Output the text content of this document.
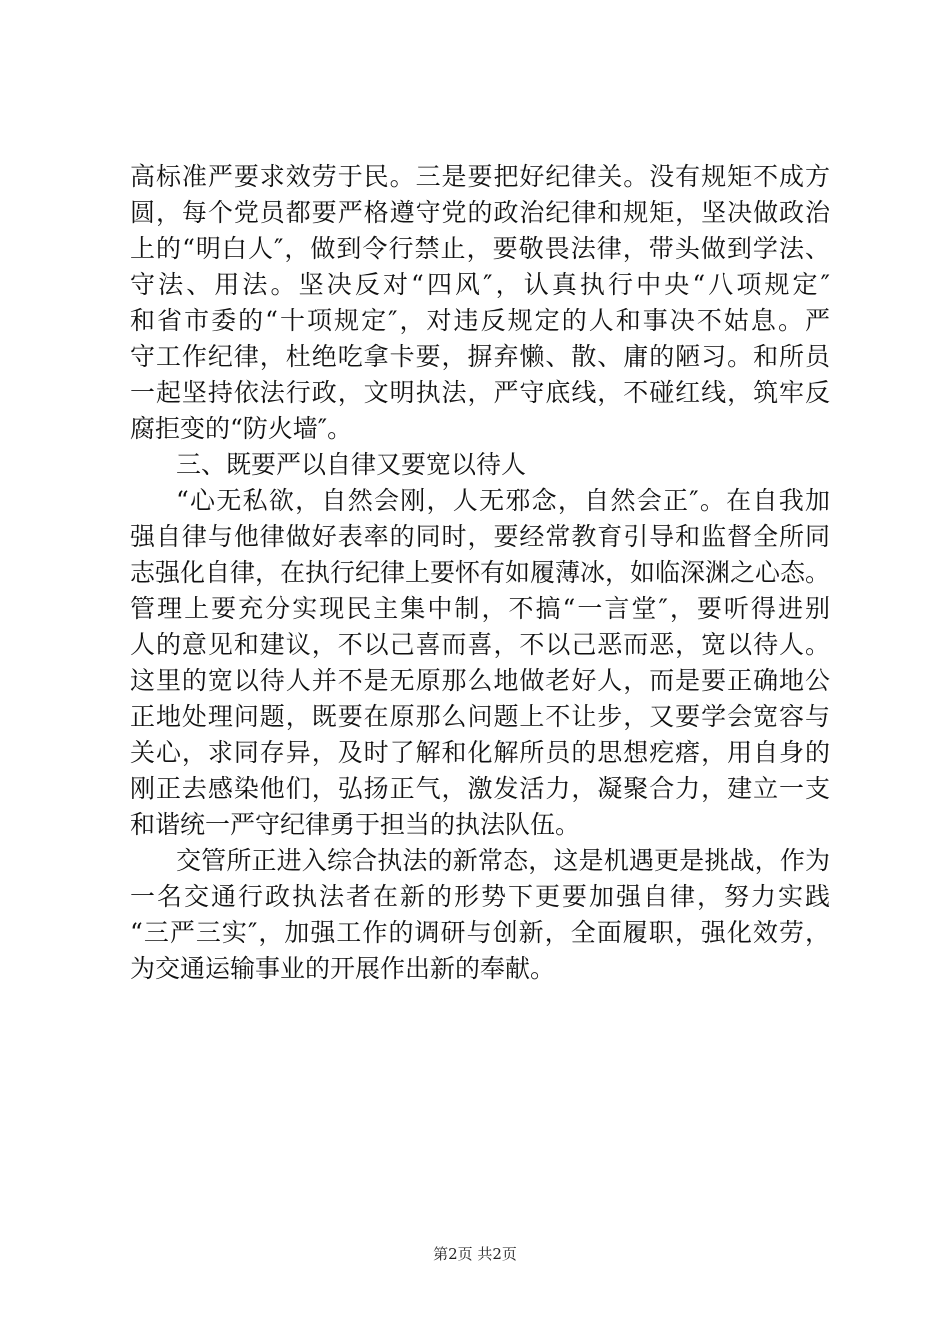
高标准严要求效劳于民。三是要把好纪律关。没有规矩不成方
圆，每个党员都要严格遵守党的政治纪律和规矩，坚决做政治
上的“明白人″，做到令行禁止，要敬畏法律，带头做到学法、
守法、用法。坚决反对“四风″，认真执行中央“八项规定″
和省市委的“十项规定″，对违反规定的人和事决不姑息。严
守工作纪律，杜绝吃拿卡要，摒弃懒、散、庸的陋习。和所员
一起坚持依法行政，文明执法，严守底线，不碰红线，筑牢反
腐拒变的“防火墙″。
三、既要严以自律又要宽以待人
“心无私欲，自然会刚，人无邪念，自然会正″。在自我加
强自律与他律做好表率的同时，要经常教育引导和监督全所同
志强化自律，在执行纪律上要怀有如履薄冰，如临深渊之心态。
管理上要充分实现民主集中制，不搞“一言堂″，要听得进别
人的意见和建议，不以己喜而喜，不以己恶而恶，宽以待人。
这里的宽以待人并不是无原那么地做老好人，而是要正确地公
正地处理问题，既要在原那么问题上不让步，又要学会宽容与
关心，求同存异，及时了解和化解所员的思想疙瘩，用自身的
刚正去感染他们，弘扬正气，激发活力，凝聚合力，建立一支
和谐统一严守纪律勇于担当的执法队伍。
交管所正进入综合执法的新常态，这是机遇更是挑战，作为
一名交通行政执法者在新的形势下更要加强自律，努力实践
“三严三实″，加强工作的调研与创新，全面履职，强化效劳，
为交通运输事业的开展作出新的奉献。
第2页 共2页
